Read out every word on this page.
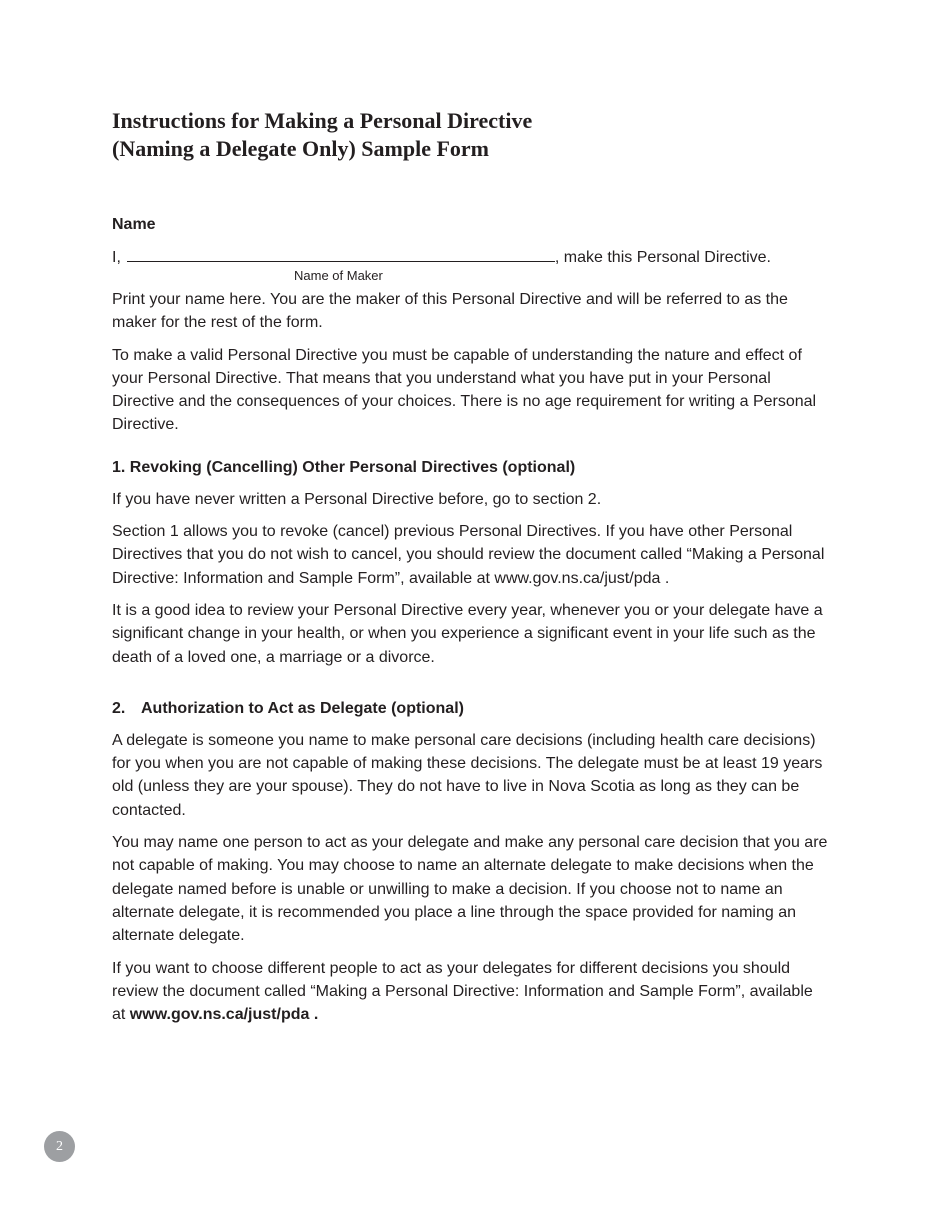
Instructions for Making a Personal Directive
(Naming a Delegate Only) Sample Form
Name
I,	, make this Personal Directive.
Name of Maker

Print your name here. You are the maker of this Personal Directive and will be referred to as the maker for the rest of the form.

To make a valid Personal Directive you must be capable of understanding the nature and effect of your Personal Directive. That means that you understand what you have put in your Personal Directive and the consequences of your choices. There is no age requirement for writing a Personal Directive.

1. Revoking (Cancelling) Other Personal Directives (optional)

If you have never written a Personal Directive before, go to section 2.

Section 1 allows you to revoke (cancel) previous Personal Directives. If you have other Personal Directives that you do not wish to cancel, you should review the document called “Making a Personal Directive: Information and Sample Form”, available at www.gov.ns.ca/just/pda .

It is a good idea to review your Personal Directive every year, whenever you or your delegate have a significant change in your health, or when you experience a significant event in your life such as the death of a loved one, a marriage or a divorce.

2. Authorization to Act as Delegate (optional)

A delegate is someone you name to make personal care decisions (including health care decisions) for you when you are not capable of making these decisions. The delegate must be at least 19 years old (unless they are your spouse). They do not have to live in Nova Scotia as long as they can be contacted.

You may name one person to act as your delegate and make any personal care decision that you are not capable of making. You may choose to name an alternate delegate to make decisions when the delegate named before is unable or unwilling to make a decision. If you choose not to name an alternate delegate, it is recommended you place a line through the space provided for naming an alternate delegate.

If you want to choose different people to act as your delegates for different decisions you should review the document called “Making a Personal Directive: Information and Sample Form”, available at www.gov.ns.ca/just/pda .

2
